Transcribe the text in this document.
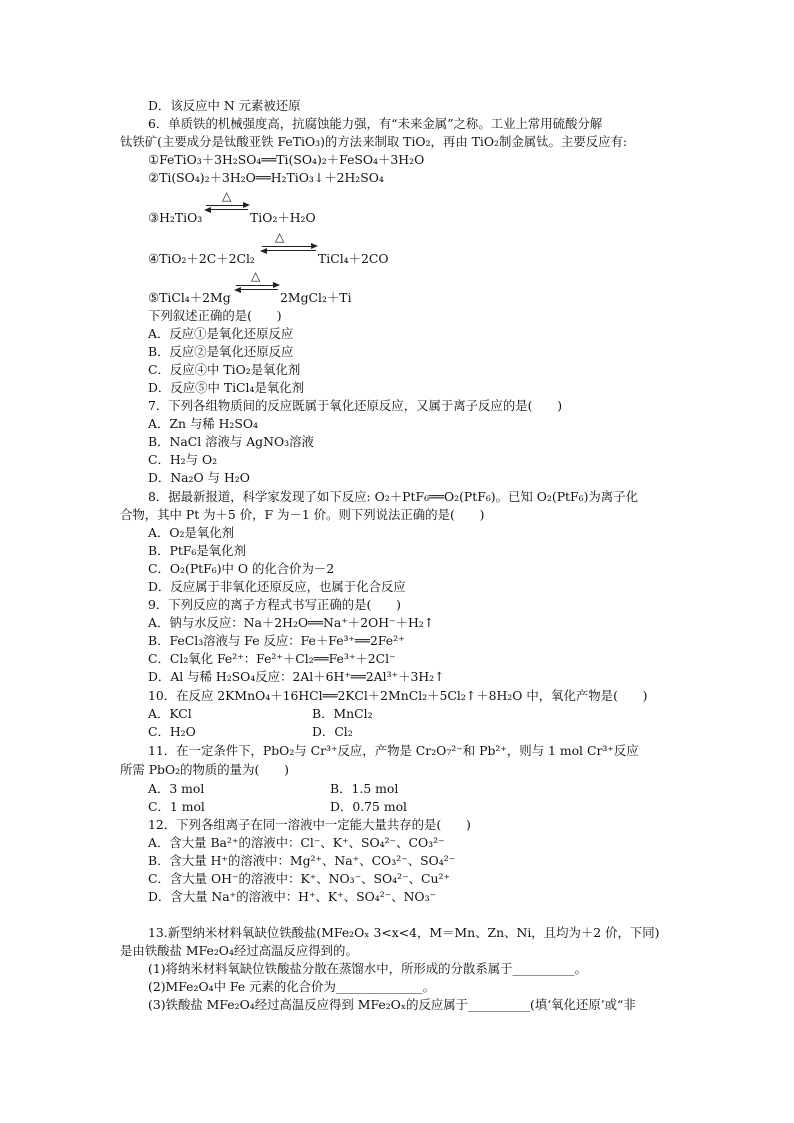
D．该反应中 N 元素被还原
6．单质铁的机械强度高，抗腐蚀能力强，有“未来金属”之称。工业上常用硫酸分解
钛铁矿(主要成分是钛酸亚铁 FeTiO₃)的方法来制取 TiO₂，再由 TiO₂制金属钛。主要反应有:
①FeTiO₃＋3H₂SO₄══Ti(SO₄)₂＋FeSO₄＋3H₂O
②Ti(SO₄)₂＋3H₂O══H₂TiO₃↓＋2H₂SO₄
△
③H₂TiO₃	TiO₂＋H₂O
△
④TiO₂＋2C＋2Cl₂	TiCl₄＋2CO
△
⑤TiCl₄＋2Mg	2MgCl₂＋Ti
下列叙述正确的是(　　)
A．反应①是氧化还原反应
B．反应②是氧化还原反应
C．反应④中 TiO₂是氧化剂
D．反应⑤中 TiCl₄是氧化剂
7．下列各组物质间的反应既属于氧化还原反应，又属于离子反应的是(　　)
A．Zn 与稀 H₂SO₄
B．NaCl 溶液与 AgNO₃溶液
C．H₂与 O₂
D．Na₂O 与 H₂O
8．据最新报道，科学家发现了如下反应: O₂＋PtF₆══O₂(PtF₆)。已知 O₂(PtF₆)为离子化
合物，其中 Pt 为＋5 价，F 为－1 价。则下列说法正确的是(　　)
A．O₂是氧化剂
B．PtF₆是氧化剂
C．O₂(PtF₆)中 O 的化合价为－2
D．反应属于非氧化还原反应，也属于化合反应
9．下列反应的离子方程式书写正确的是(　　)
A．钠与水反应：Na＋2H₂O══Na⁺＋2OH⁻＋H₂↑
B．FeCl₃溶液与 Fe 反应：Fe＋Fe³⁺══2Fe²⁺
C．Cl₂氧化 Fe²⁺：Fe²⁺＋Cl₂══Fe³⁺＋2Cl⁻
D．Al 与稀 H₂SO₄反应：2Al＋6H⁺══2Al³⁺＋3H₂↑
10．在反应 2KMnO₄＋16HCl══2KCl＋2MnCl₂＋5Cl₂↑＋8H₂O 中，氧化产物是(　　)
A．KCl	B．MnCl₂
C．H₂O	D．Cl₂
11．在一定条件下，PbO₂与 Cr³⁺反应，产物是 Cr₂O₇²⁻和 Pb²⁺，则与 1 mol Cr³⁺反应
所需 PbO₂的物质的量为(　　)
A．3 mol	B．1.5 mol
C．1 mol	D．0.75 mol
12．下列各组离子在同一溶液中一定能大量共存的是(　　)
A．含大量 Ba²⁺的溶液中：Cl⁻、K⁺、SO₄²⁻、CO₃²⁻
B．含大量 H⁺的溶液中：Mg²⁺、Na⁺、CO₃²⁻、SO₄²⁻
C．含大量 OH⁻的溶液中：K⁺、NO₃⁻、SO₄²⁻、Cu²⁺
D．含大量 Na⁺的溶液中：H⁺、K⁺、SO₄²⁻、NO₃⁻
13.新型纳米材料氧缺位铁酸盐(MFe₂Oₓ 3<x<4，M＝Mn、Zn、Ni，且均为＋2 价，下同)
是由铁酸盐 MFe₂O₄经过高温反应得到的。
(1)将纳米材料氧缺位铁酸盐分散在蒸馏水中，所形成的分散系属于__________。
(2)MFe₂O₄中 Fe 元素的化合价为______________。
(3)铁酸盐 MFe₂O₄经过高温反应得到 MFe₂Oₓ的反应属于__________(填‘氧化还原’或“非
